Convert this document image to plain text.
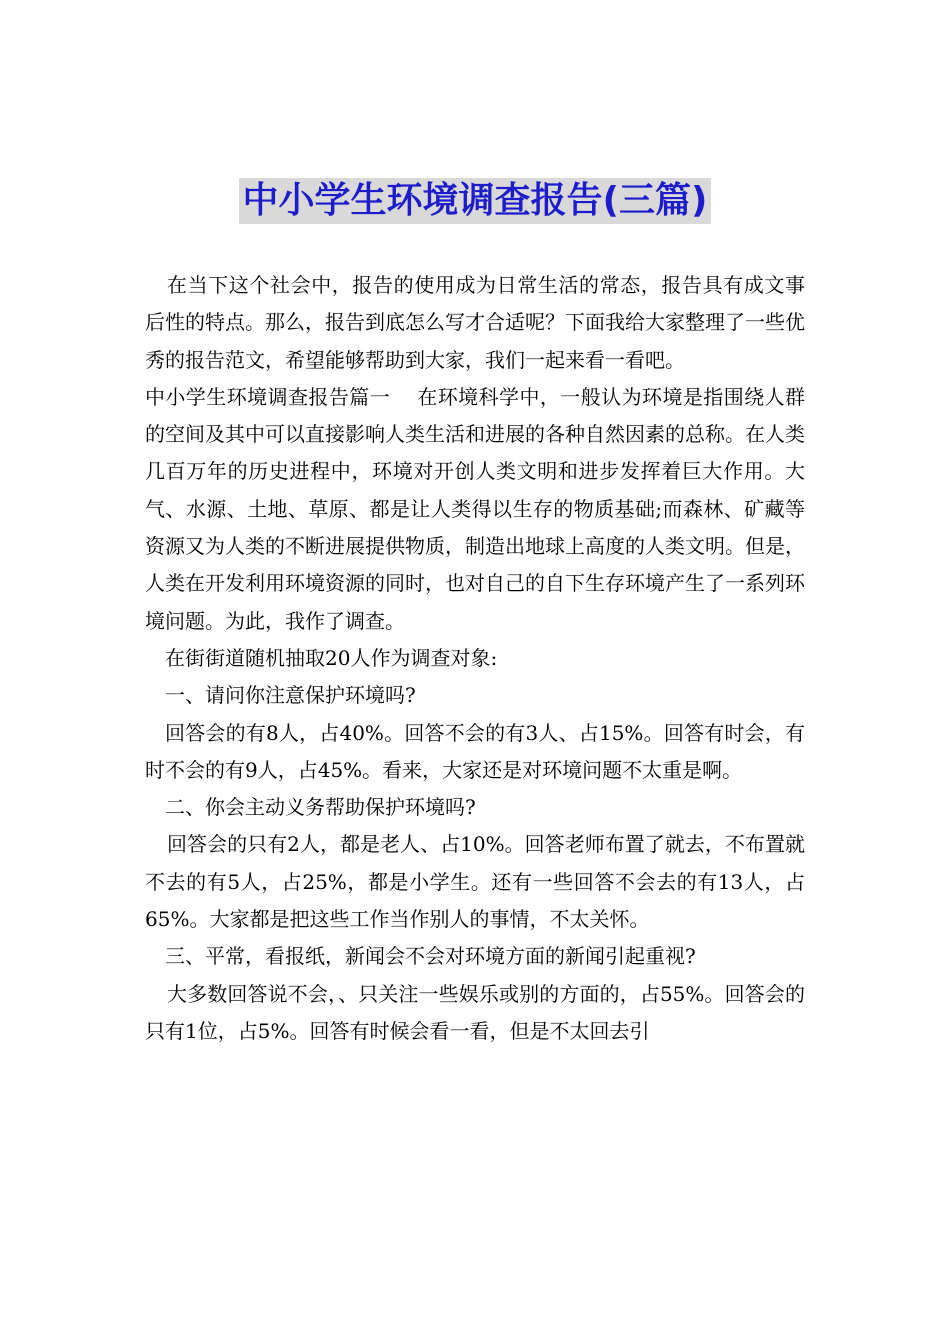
中小学生环境调查报告(三篇)

在当下这个社会中，报告的使用成为日常生活的常态，报告具有成文事后性的特点。那么，报告到底怎么写才合适呢？下面我给大家整理了一些优秀的报告范文，希望能够帮助到大家，我们一起来看一看吧。

中小学生环境调查报告篇一　 在环境科学中，一般认为环境是指围绕人群的空间及其中可以直接影响人类生活和进展的各种自然因素的总称。在人类几百万年的历史进程中，环境对开创人类文明和进步发挥着巨大作用。大气、水源、土地、草原、都是让人类得以生存的物质基础;而森林、矿藏等资源又为人类的不断进展提供物质，制造出地球上高度的人类文明。但是，人类在开发利用环境资源的同时，也对自己的自下生存环境产生了一系列环境问题。为此，我作了调查。

在街街道随机抽取20人作为调查对象:

一、请问你注意保护环境吗?

回答会的有8人，占40%。回答不会的有3人、占15%。回答有时会，有时不会的有9人，占45%。看来，大家还是对环境问题不太重是啊。

二、你会主动义务帮助保护环境吗?

回答会的只有2人，都是老人、占10%。回答老师布置了就去，不布置就不去的有5人，占25%，都是小学生。还有一些回答不会去的有13人，占65%。大家都是把这些工作当作别人的事情，不太关怀。

三、平常，看报纸，新闻会不会对环境方面的新闻引起重视?

大多数回答说不会，、只关注一些娱乐或别的方面的，占55%。回答会的只有1位，占5%。回答有时候会看一看，但是不太回去引
